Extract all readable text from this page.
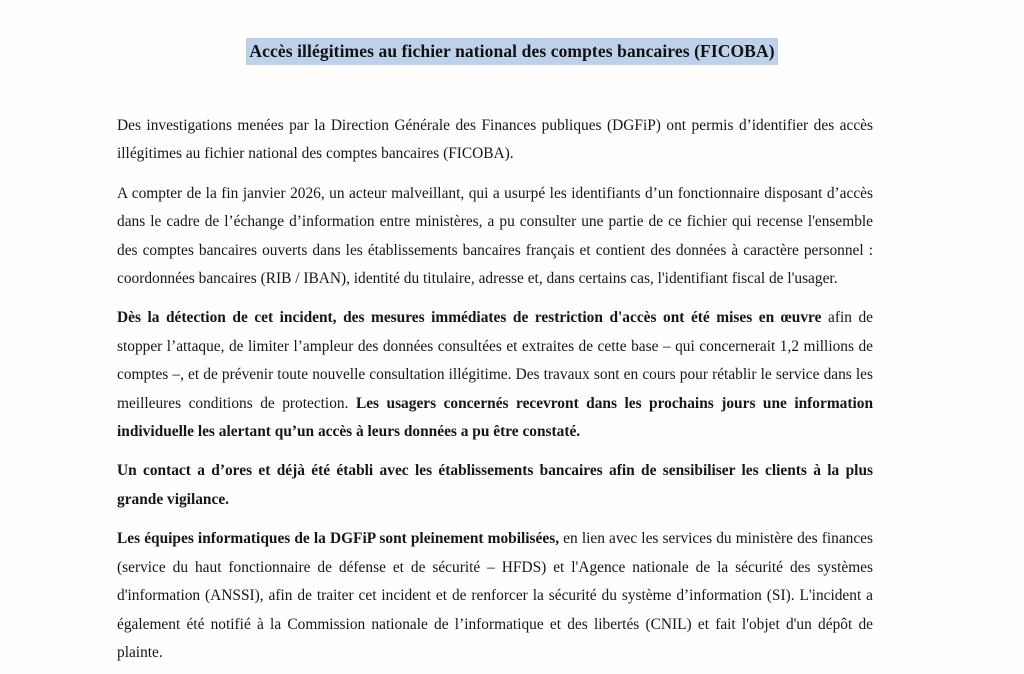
Accès illégitimes au fichier national des comptes bancaires (FICOBA)

Des investigations menées par la Direction Générale des Finances publiques (DGFiP) ont permis d’identifier des accès illégitimes au fichier national des comptes bancaires (FICOBA).

A compter de la fin janvier 2026, un acteur malveillant, qui a usurpé les identifiants d’un fonctionnaire disposant d’accès dans le cadre de l’échange d’information entre ministères, a pu consulter une partie de ce fichier qui recense l'ensemble des comptes bancaires ouverts dans les établissements bancaires français et contient des données à caractère personnel : coordonnées bancaires (RIB / IBAN), identité du titulaire, adresse et, dans certains cas, l'identifiant fiscal de l'usager.

Dès la détection de cet incident, des mesures immédiates de restriction d'accès ont été mises en œuvre afin de stopper l’attaque, de limiter l’ampleur des données consultées et extraites de cette base – qui concernerait 1,2 millions de comptes –, et de prévenir toute nouvelle consultation illégitime. Des travaux sont en cours pour rétablir le service dans les meilleures conditions de protection. Les usagers concernés recevront dans les prochains jours une information individuelle les alertant qu’un accès à leurs données a pu être constaté.

Un contact a d’ores et déjà été établi avec les établissements bancaires afin de sensibiliser les clients à la plus grande vigilance.

Les équipes informatiques de la DGFiP sont pleinement mobilisées, en lien avec les services du ministère des finances (service du haut fonctionnaire de défense et de sécurité – HFDS) et l'Agence nationale de la sécurité des systèmes d'information (ANSSI), afin de traiter cet incident et de renforcer la sécurité du système d’information (SI). L'incident a également été notifié à la Commission nationale de l’informatique et des libertés (CNIL) et fait l'objet d'un dépôt de plainte.
